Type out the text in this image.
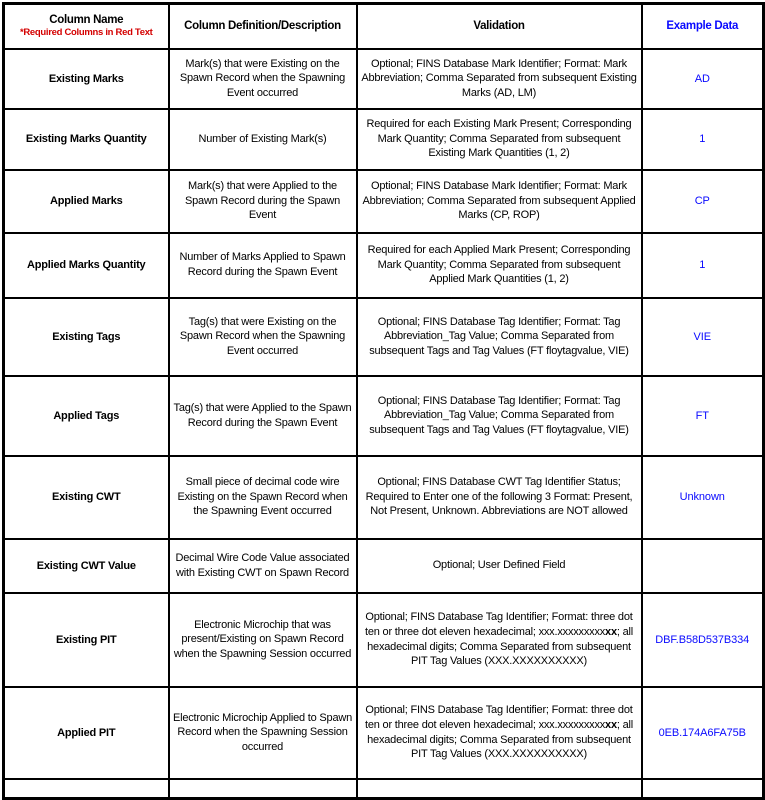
Column Name
*Required Columns in Red Text	Column Definition/Description	Validation	Example Data
Existing Marks	Mark(s) that were Existing on the Spawn Record when the Spawning Event occurred	Optional; FINS Database Mark Identifier; Format: Mark Abbreviation; Comma Separated from subsequent Existing Marks (AD, LM)	AD
Existing Marks Quantity	Number of Existing Mark(s)	Required for each Existing Mark Present; Corresponding Mark Quantity; Comma Separated from subsequent Existing Mark Quantities (1, 2)	1
Applied Marks	Mark(s) that were Applied to the Spawn Record during the Spawn Event	Optional; FINS Database Mark Identifier; Format: Mark Abbreviation; Comma Separated from subsequent Applied Marks (CP, ROP)	CP
Applied Marks Quantity	Number of Marks Applied to Spawn Record during the Spawn Event	Required for each Applied Mark Present; Corresponding Mark Quantity; Comma Separated from subsequent Applied Mark Quantities (1, 2)	1
Existing Tags	Tag(s) that were Existing on the Spawn Record when the Spawning Event occurred	Optional; FINS Database Tag Identifier; Format: Tag Abbreviation_Tag Value; Comma Separated from subsequent Tags and Tag Values (FT floytagvalue, VIE)	VIE
Applied Tags	Tag(s) that were Applied to the Spawn Record during the Spawn Event	Optional; FINS Database Tag Identifier; Format: Tag Abbreviation_Tag Value; Comma Separated from subsequent Tags and Tag Values (FT floytagvalue, VIE)	FT
Existing CWT	Small piece of decimal code wire Existing on the Spawn Record when the Spawning Event occurred	Optional; FINS Database CWT Tag Identifier Status; Required to Enter one of the following 3 Format: Present, Not Present, Unknown. Abbreviations are NOT allowed	Unknown
Existing CWT Value	Decimal Wire Code Value associated with Existing CWT on Spawn Record	Optional; User Defined Field	
Existing PIT	Electronic Microchip that was present/Existing on Spawn Record when the Spawning Session occurred	Optional; FINS Database Tag Identifier; Format: three dot ten or three dot eleven hexadecimal; xxx.xxxxxxxxxxx; all hexadecimal digits; Comma Separated from subsequent PIT Tag Values (XXX.XXXXXXXXXX)	DBF.B58D537B334
Applied PIT	Electronic Microchip Applied to Spawn Record when the Spawning Session occurred	Optional; FINS Database Tag Identifier; Format: three dot ten or three dot eleven hexadecimal; xxx.xxxxxxxxxxx; all hexadecimal digits; Comma Separated from subsequent PIT Tag Values (XXX.XXXXXXXXXX)	0EB.174A6FA75B
